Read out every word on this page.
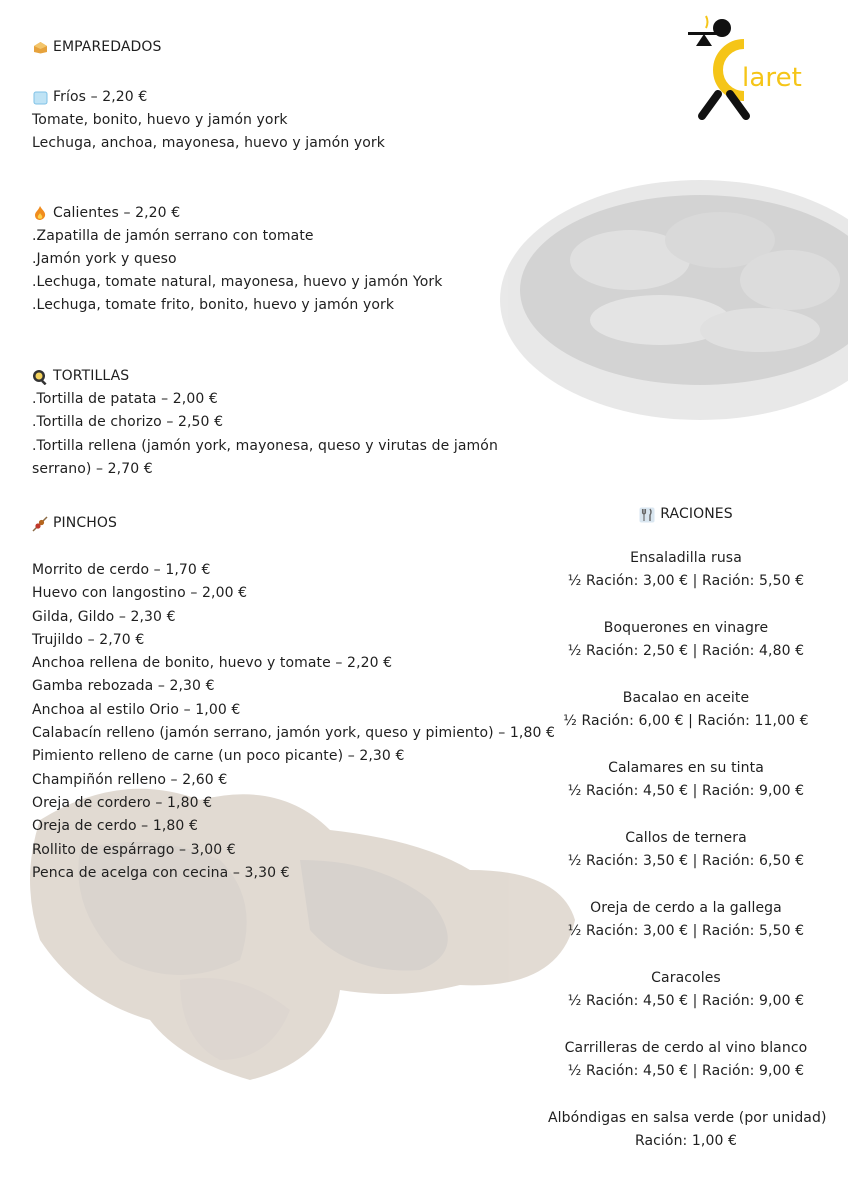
laret
EMPAREDADOS
Fríos – 2,20 €
Tomate, bonito, huevo y jamón york
Lechuga, anchoa, mayonesa, huevo y jamón york
Calientes – 2,20 €
.Zapatilla de jamón serrano con tomate
.Jamón york y queso
.Lechuga, tomate natural, mayonesa, huevo y jamón York
.Lechuga, tomate frito, bonito, huevo y jamón york
TORTILLAS
.Tortilla de patata – 2,00 €
.Tortilla de chorizo – 2,50 €
.Tortilla rellena (jamón york, mayonesa, queso y virutas de jamón
serrano) – 2,70 €
PINCHOS
Morrito de cerdo – 1,70 €
Huevo con langostino – 2,00 €
Gilda, Gildo – 2,30 €
Trujildo – 2,70 €
Anchoa rellena de bonito, huevo y tomate – 2,20 €
Gamba rebozada – 2,30 €
Anchoa al estilo Orio – 1,00 €
Calabacín relleno (jamón serrano, jamón york, queso y pimiento) – 1,80 €
Pimiento relleno de carne (un poco picante) – 2,30 €
Champiñón relleno – 2,60 €
Oreja de cordero – 1,80 €
Oreja de cerdo – 1,80 €
Rollito de espárrago – 3,00 €
Penca de acelga con cecina – 3,30 €
RACIONES
Ensaladilla rusa
½ Ración: 3,00 € | Ración: 5,50 €
Boquerones en vinagre
½ Ración: 2,50 € | Ración: 4,80 €
Bacalao en aceite
½ Ración: 6,00 € | Ración: 11,00 €
Calamares en su tinta
½ Ración: 4,50 € | Ración: 9,00 €
Callos de ternera
½ Ración: 3,50 € | Ración: 6,50 €
Oreja de cerdo a la gallega
½ Ración: 3,00 € | Ración: 5,50 €
Caracoles
½ Ración: 4,50 € | Ración: 9,00 €
Carrilleras de cerdo al vino blanco
½ Ración: 4,50 € | Ración: 9,00 €
Albóndigas en salsa verde (por unidad)
Ración: 1,00 €
